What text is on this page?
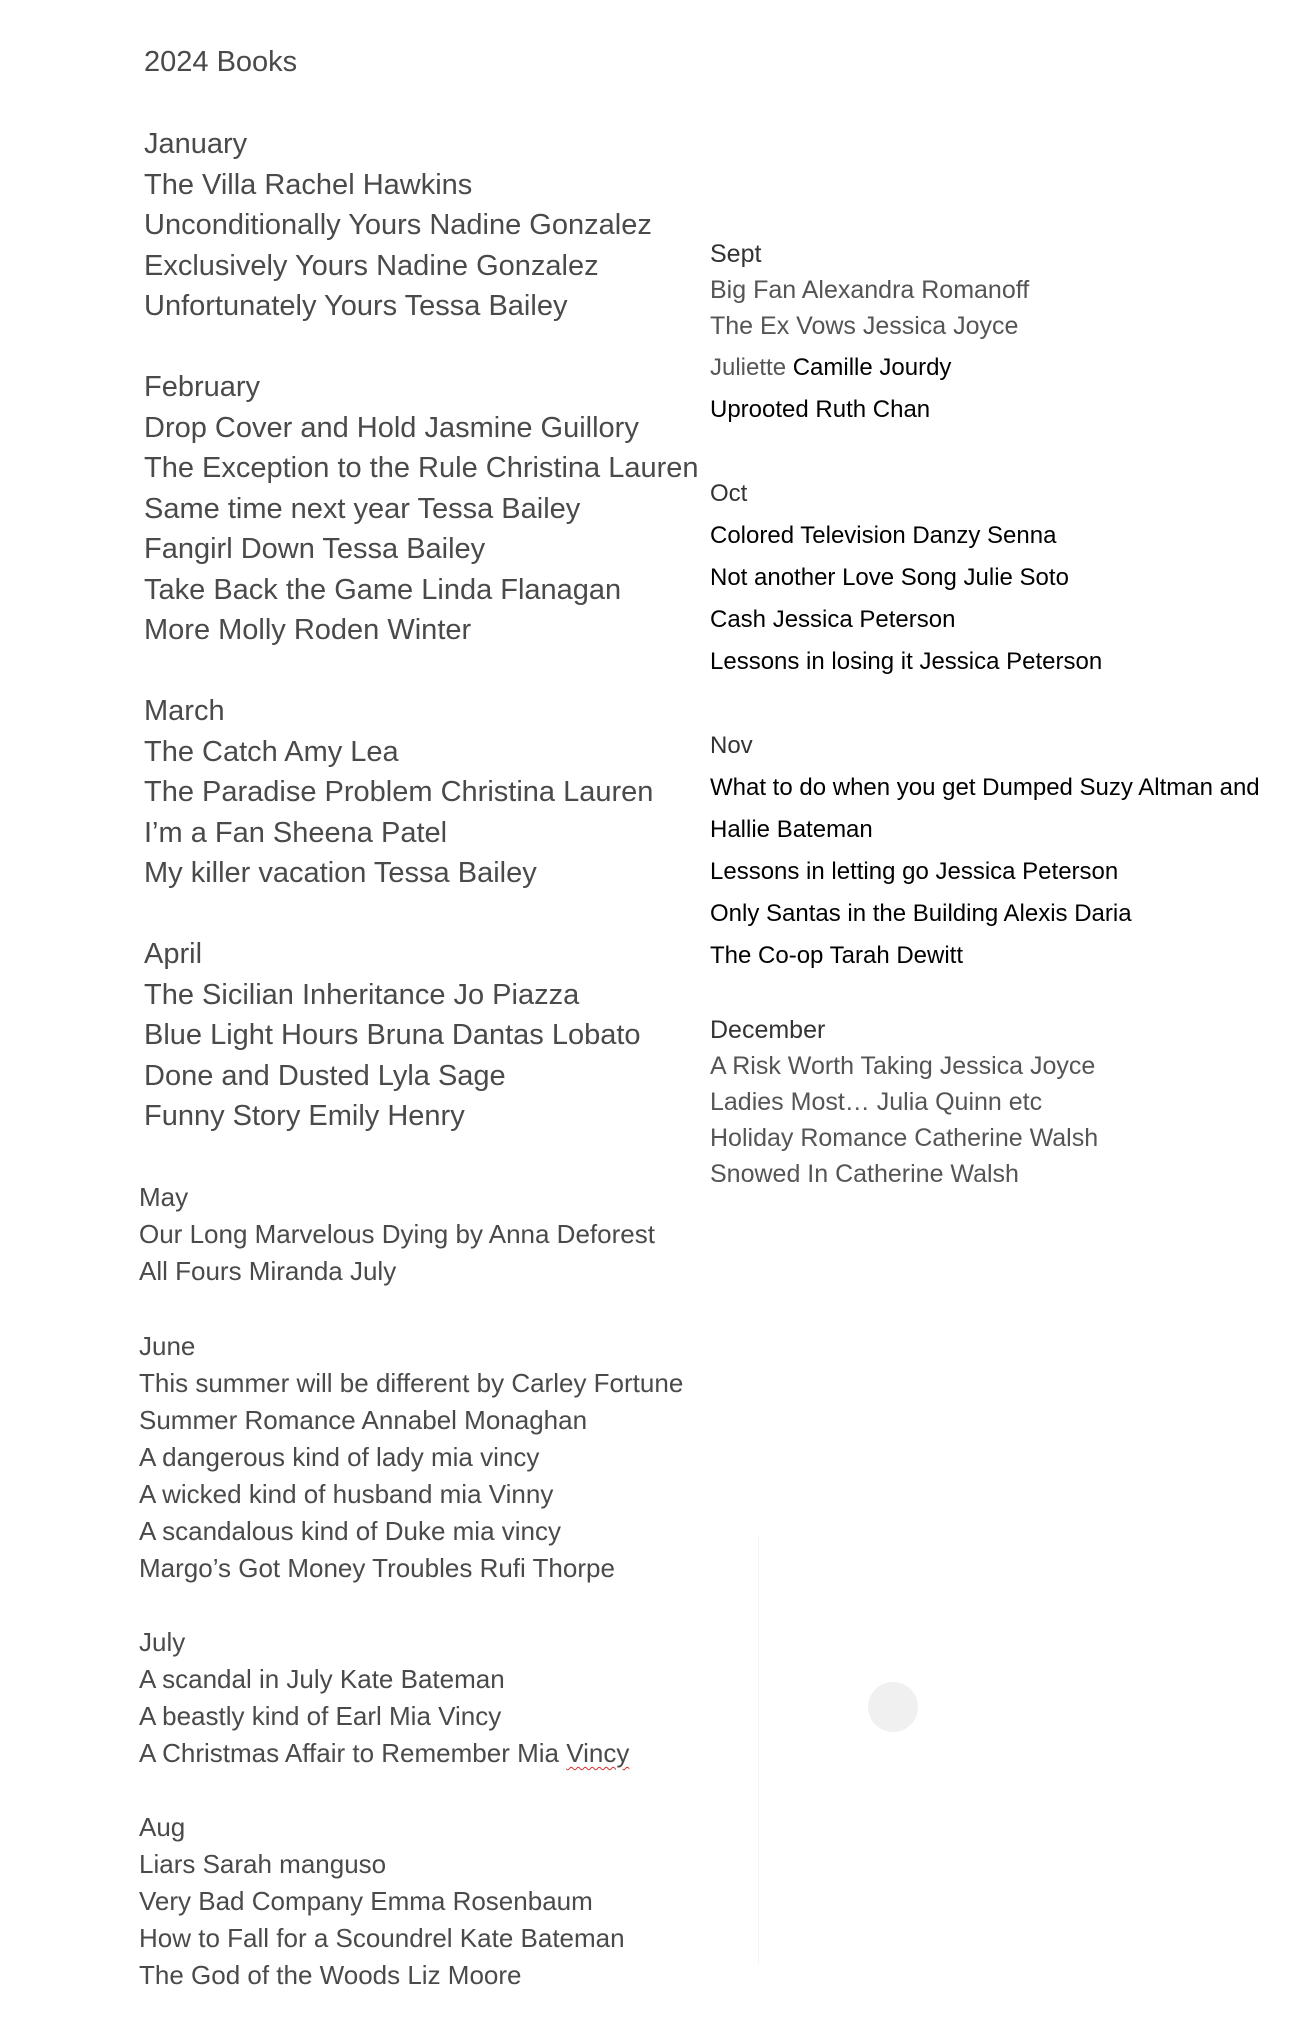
2024 Books
January
The Villa Rachel Hawkins
Unconditionally Yours Nadine Gonzalez
Exclusively Yours Nadine Gonzalez
Unfortunately Yours Tessa Bailey
February
Drop Cover and Hold Jasmine Guillory
The Exception to the Rule Christina Lauren
Same time next year Tessa Bailey
Fangirl Down Tessa Bailey
Take Back the Game Linda Flanagan
More Molly Roden Winter
March
The Catch Amy Lea
The Paradise Problem Christina Lauren
I’m a Fan Sheena Patel
My killer vacation Tessa Bailey
April
The Sicilian Inheritance Jo Piazza
Blue Light Hours Bruna Dantas Lobato
Done and Dusted Lyla Sage
Funny Story Emily Henry
May
Our Long Marvelous Dying by Anna Deforest
All Fours Miranda July
June
This summer will be different by Carley Fortune
Summer Romance Annabel Monaghan
A dangerous kind of lady mia vincy
A wicked kind of husband mia Vinny
A scandalous kind of Duke mia vincy
Margo’s Got Money Troubles Rufi Thorpe
July
A scandal in July Kate Bateman
A beastly kind of Earl Mia Vincy
A Christmas Affair to Remember Mia Vincy
Aug
Liars Sarah manguso
Very Bad Company Emma Rosenbaum
How to Fall for a Scoundrel Kate Bateman
The God of the Woods Liz Moore
Sept
Big Fan Alexandra Romanoff
The Ex Vows Jessica Joyce
Juliette Camille Jourdy
Uprooted Ruth Chan
Oct
Colored Television Danzy Senna
Not another Love Song Julie Soto
Cash Jessica Peterson
Lessons in losing it Jessica Peterson
Nov
What to do when you get Dumped Suzy Altman and
Hallie Bateman
Lessons in letting go Jessica Peterson
Only Santas in the Building Alexis Daria
The Co-op Tarah Dewitt
December
A Risk Worth Taking Jessica Joyce
Ladies Most… Julia Quinn etc
Holiday Romance Catherine Walsh
Snowed In Catherine Walsh
